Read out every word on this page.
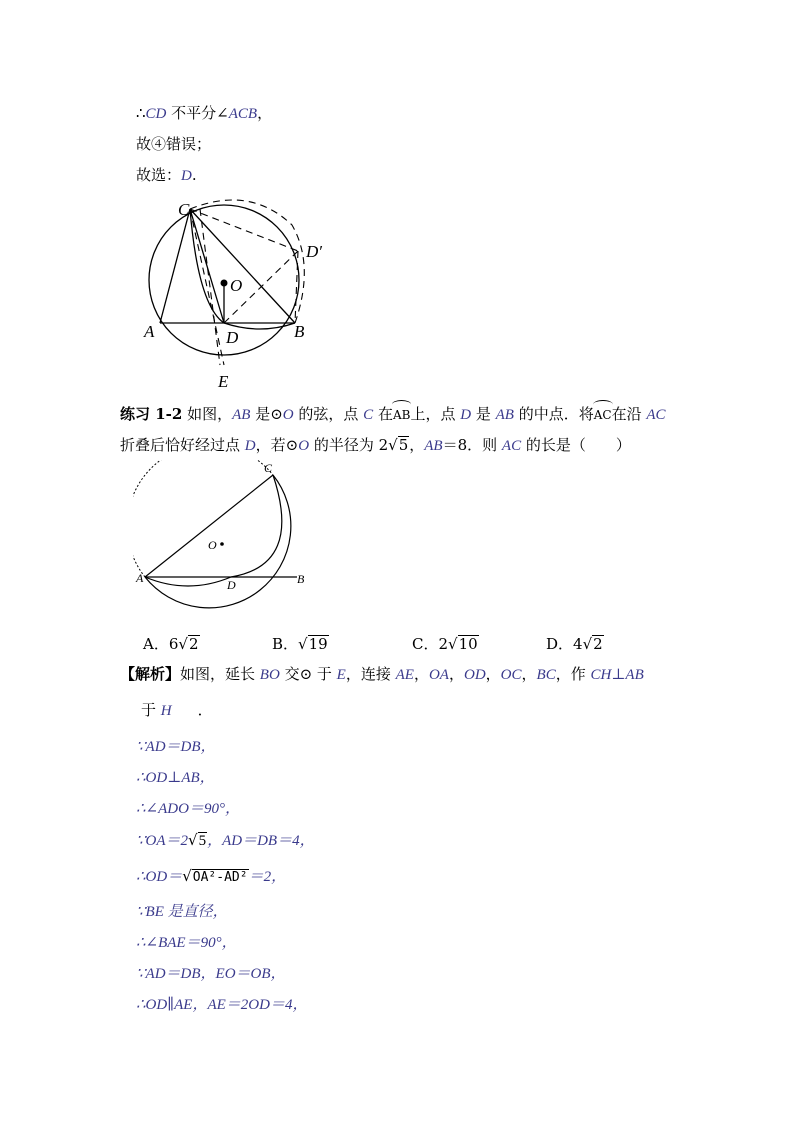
∴CD 不平分∠ACB，
故④错误；
故选：D.
C
D′
O
A	D	B
E
练习 1-2 如图，AB 是⊙O 的弦，点 C 在AB上，点 D 是 AB 的中点．将AC在沿 AC
折叠后恰好经过点 D，若⊙O 的半径为 2√5，AB＝8．则 AC 的长是（　　）
C
O
A	D	B
A．6√2	B．√19	C．2√10	D．4√2
【解析】如图，延长 BO 交⊙ 于 E，连接 AE，OA，OD，OC，BC，作 CH⊥AB
于 H ．
∵AD＝DB，
∴OD⊥AB，
∴∠ADO＝90°，
∵OA＝2√5，AD＝DB＝4，
∴OD＝√OA²-AD²＝2，
∵BE 是直径，
∴∠BAE＝90°，
∵AD＝DB，EO＝OB，
∴OD∥AE，AE＝2OD＝4，
